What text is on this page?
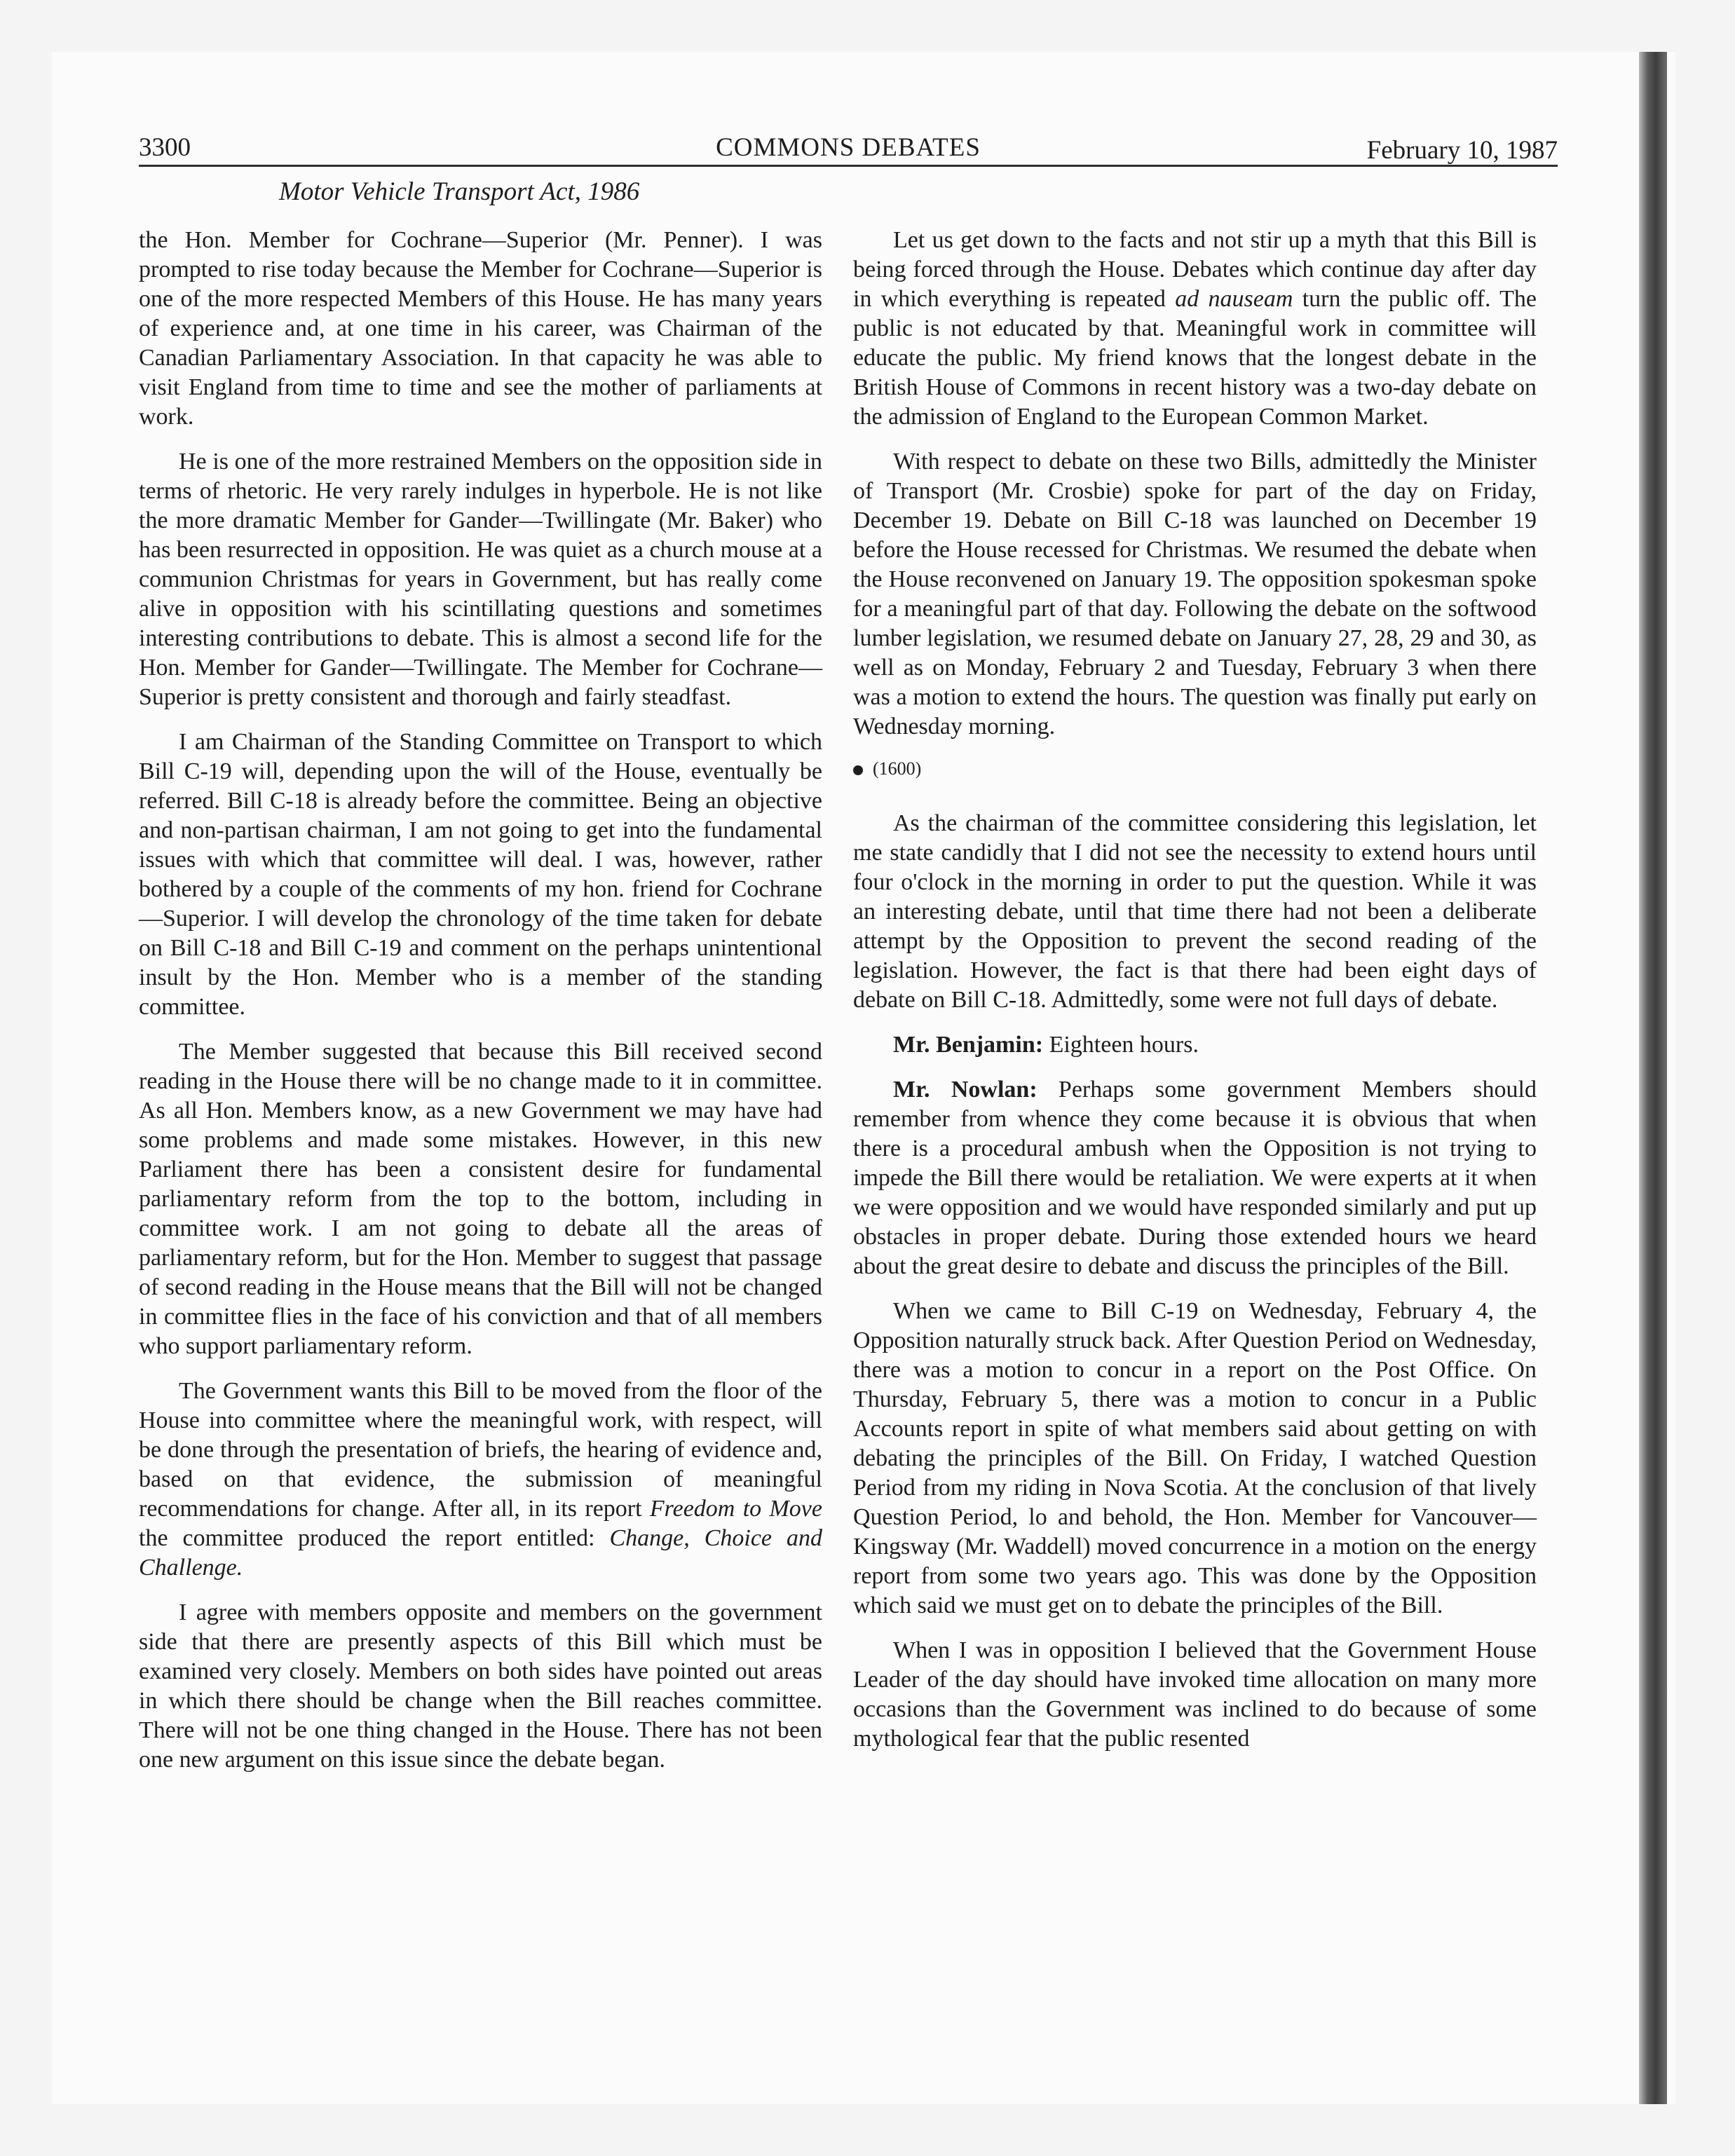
3300	COMMONS DEBATES	February 10, 1987
Motor Vehicle Transport Act, 1986

the Hon. Member for Cochrane—Superior (Mr. Penner). I was prompted to rise today because the Member for Cochrane—Superior is one of the more respected Members of this House. He has many years of experience and, at one time in his career, was Chairman of the Canadian Parliamentary Association. In that capacity he was able to visit England from time to time and see the mother of parliaments at work.

He is one of the more restrained Members on the opposition side in terms of rhetoric. He very rarely indulges in hyperbole. He is not like the more dramatic Member for Gander—Twillingate (Mr. Baker) who has been resurrected in opposition. He was quiet as a church mouse at a communion Christmas for years in Government, but has really come alive in opposition with his scintillating questions and sometimes interesting contributions to debate. This is almost a second life for the Hon. Member for Gander—Twillingate. The Member for Cochrane—Superior is pretty consistent and thorough and fairly steadfast.

I am Chairman of the Standing Committee on Transport to which Bill C-19 will, depending upon the will of the House, eventually be referred. Bill C-18 is already before the committee. Being an objective and non-partisan chairman, I am not going to get into the fundamental issues with which that committee will deal. I was, however, rather bothered by a couple of the comments of my hon. friend for Cochrane—Superior. I will develop the chronology of the time taken for debate on Bill C-18 and Bill C-19 and comment on the perhaps unintentional insult by the Hon. Member who is a member of the standing committee.

The Member suggested that because this Bill received second reading in the House there will be no change made to it in committee. As all Hon. Members know, as a new Government we may have had some problems and made some mistakes. However, in this new Parliament there has been a consistent desire for fundamental parliamentary reform from the top to the bottom, including in committee work. I am not going to debate all the areas of parliamentary reform, but for the Hon. Member to suggest that passage of second reading in the House means that the Bill will not be changed in committee flies in the face of his conviction and that of all members who support parliamentary reform.

The Government wants this Bill to be moved from the floor of the House into committee where the meaningful work, with respect, will be done through the presentation of briefs, the hearing of evidence and, based on that evidence, the submission of meaningful recommendations for change. After all, in its report Freedom to Move the committee produced the report entitled: Change, Choice and Challenge.

I agree with members opposite and members on the government side that there are presently aspects of this Bill which must be examined very closely. Members on both sides have pointed out areas in which there should be change when the Bill reaches committee. There will not be one thing changed in the House. There has not been one new argument on this issue since the debate began.

Let us get down to the facts and not stir up a myth that this Bill is being forced through the House. Debates which continue day after day in which everything is repeated ad nauseam turn the public off. The public is not educated by that. Meaningful work in committee will educate the public. My friend knows that the longest debate in the British House of Commons in recent history was a two-day debate on the admission of England to the European Common Market.

With respect to debate on these two Bills, admittedly the Minister of Transport (Mr. Crosbie) spoke for part of the day on Friday, December 19. Debate on Bill C-18 was launched on December 19 before the House recessed for Christmas. We resumed the debate when the House reconvened on January 19. The opposition spokesman spoke for a meaningful part of that day. Following the debate on the softwood lumber legislation, we resumed debate on January 27, 28, 29 and 30, as well as on Monday, February 2 and Tuesday, February 3 when there was a motion to extend the hours. The question was finally put early on Wednesday morning.

(1600)

As the chairman of the committee considering this legislation, let me state candidly that I did not see the necessity to extend hours until four o'clock in the morning in order to put the question. While it was an interesting debate, until that time there had not been a deliberate attempt by the Opposition to prevent the second reading of the legislation. However, the fact is that there had been eight days of debate on Bill C-18. Admittedly, some were not full days of debate.

Mr. Benjamin: Eighteen hours.

Mr. Nowlan: Perhaps some government Members should remember from whence they come because it is obvious that when there is a procedural ambush when the Opposition is not trying to impede the Bill there would be retaliation. We were experts at it when we were opposition and we would have responded similarly and put up obstacles in proper debate. During those extended hours we heard about the great desire to debate and discuss the principles of the Bill.

When we came to Bill C-19 on Wednesday, February 4, the Opposition naturally struck back. After Question Period on Wednesday, there was a motion to concur in a report on the Post Office. On Thursday, February 5, there was a motion to concur in a Public Accounts report in spite of what members said about getting on with debating the principles of the Bill. On Friday, I watched Question Period from my riding in Nova Scotia. At the conclusion of that lively Question Period, lo and behold, the Hon. Member for Vancouver—Kingsway (Mr. Waddell) moved concurrence in a motion on the energy report from some two years ago. This was done by the Opposition which said we must get on to debate the principles of the Bill.

When I was in opposition I believed that the Government House Leader of the day should have invoked time allocation on many more occasions than the Government was inclined to do because of some mythological fear that the public resented
